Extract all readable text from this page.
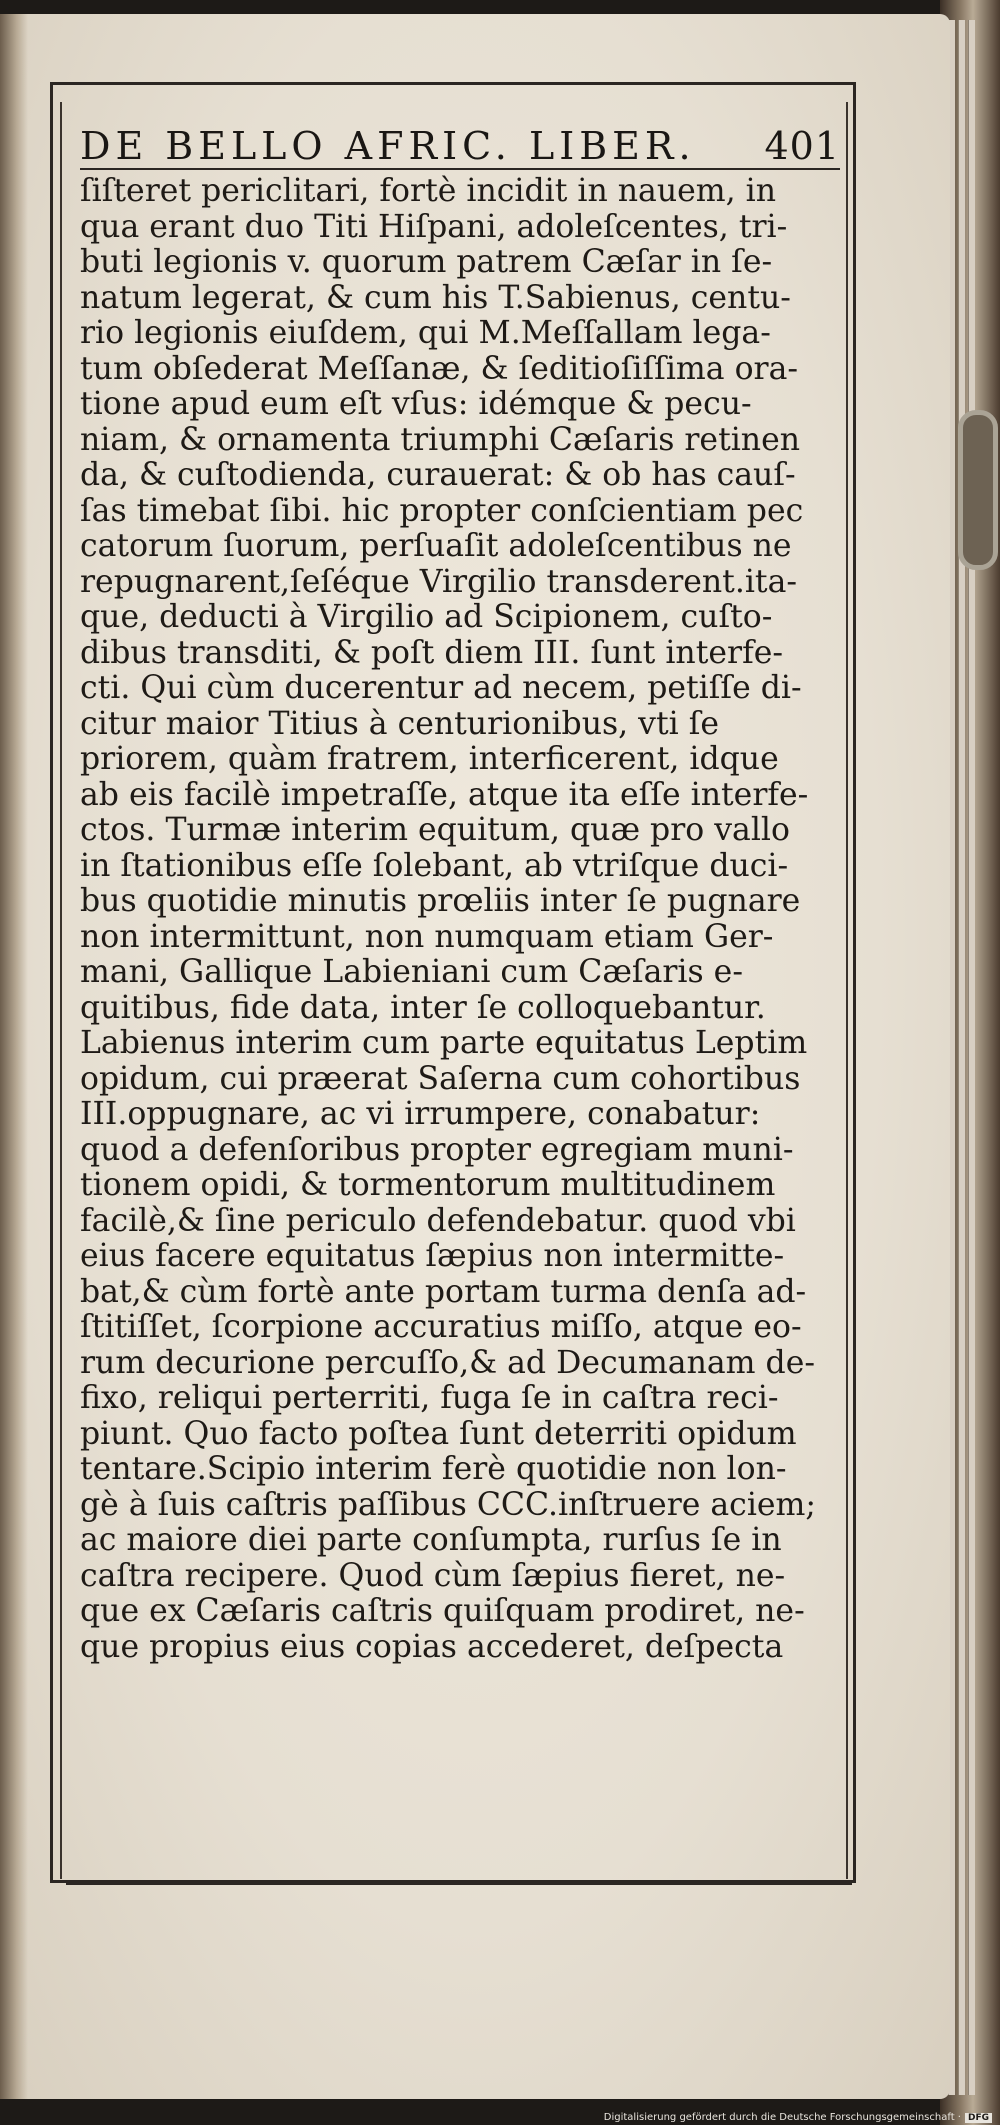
DE BELLO AFRIC. LIBER. 401
ſiſteret periclitari, fortè incidit in nauem, in
qua erant duo Titi Hiſpani, adoleſcentes, tri-
buti legionis v. quorum patrem Cæſar in ſe-
natum legerat, & cum his T.Sabienus, centu-
rio legionis eiuſdem, qui M.Meſſallam lega-
tum obſederat Meſſanæ, & ſeditioſiſſima ora-
tione apud eum eſt vſus: idémque & pecu-
niam, & ornamenta triumphi Cæſaris retinen
da, & cuſtodienda, curauerat: & ob has cauſ-
ſas timebat ſibi. hic propter conſcientiam pec
catorum ſuorum, perſuaſit adoleſcentibus ne
repugnarent,ſeſéque Virgilio transderent.ita-
que, deducti à Virgilio ad Scipionem, cuſto-
dibus transditi, & poſt diem III. ſunt interfe-
cti. Qui cùm ducerentur ad necem, petiſſe di-
citur maior Titius à centurionibus, vti ſe
priorem, quàm fratrem, interficerent, idque
ab eis facilè impetraſſe, atque ita eſſe interfe-
ctos. Turmæ interim equitum, quæ pro vallo
in ſtationibus eſſe ſolebant, ab vtriſque duci-
bus quotidie minutis prœliis inter ſe pugnare
non intermittunt, non numquam etiam Ger-
mani, Gallique Labieniani cum Cæſaris e-
quitibus, fide data, inter ſe colloquebantur.
Labienus interim cum parte equitatus Leptim
opidum, cui præerat Saſerna cum cohortibus
III.oppugnare, ac vi irrumpere, conabatur:
quod a defenſoribus propter egregiam muni-
tionem opidi, & tormentorum multitudinem
facilè,& ſine periculo defendebatur. quod vbi
eius facere equitatus ſæpius non intermitte-
bat,& cùm fortè ante portam turma denſa ad-
ſtitiſſet, ſcorpione accuratius miſſo, atque eo-
rum decurione percuſſo,& ad Decumanam de-
fixo, reliqui perterriti, fuga ſe in caſtra reci-
piunt. Quo facto poſtea ſunt deterriti opidum
tentare.Scipio interim ferè quotidie non lon-
gè à ſuis caſtris paſſibus CCC.inſtruere aciem;
ac maiore diei parte conſumpta, rurſus ſe in
caſtra recipere. Quod cùm ſæpius fieret, ne-
que ex Cæſaris caſtris quiſquam prodiret, ne-
que propius eius copias accederet, deſpecta
Digitalisierung gefördert durch die Deutsche Forschungsgemeinschaft · DFG
